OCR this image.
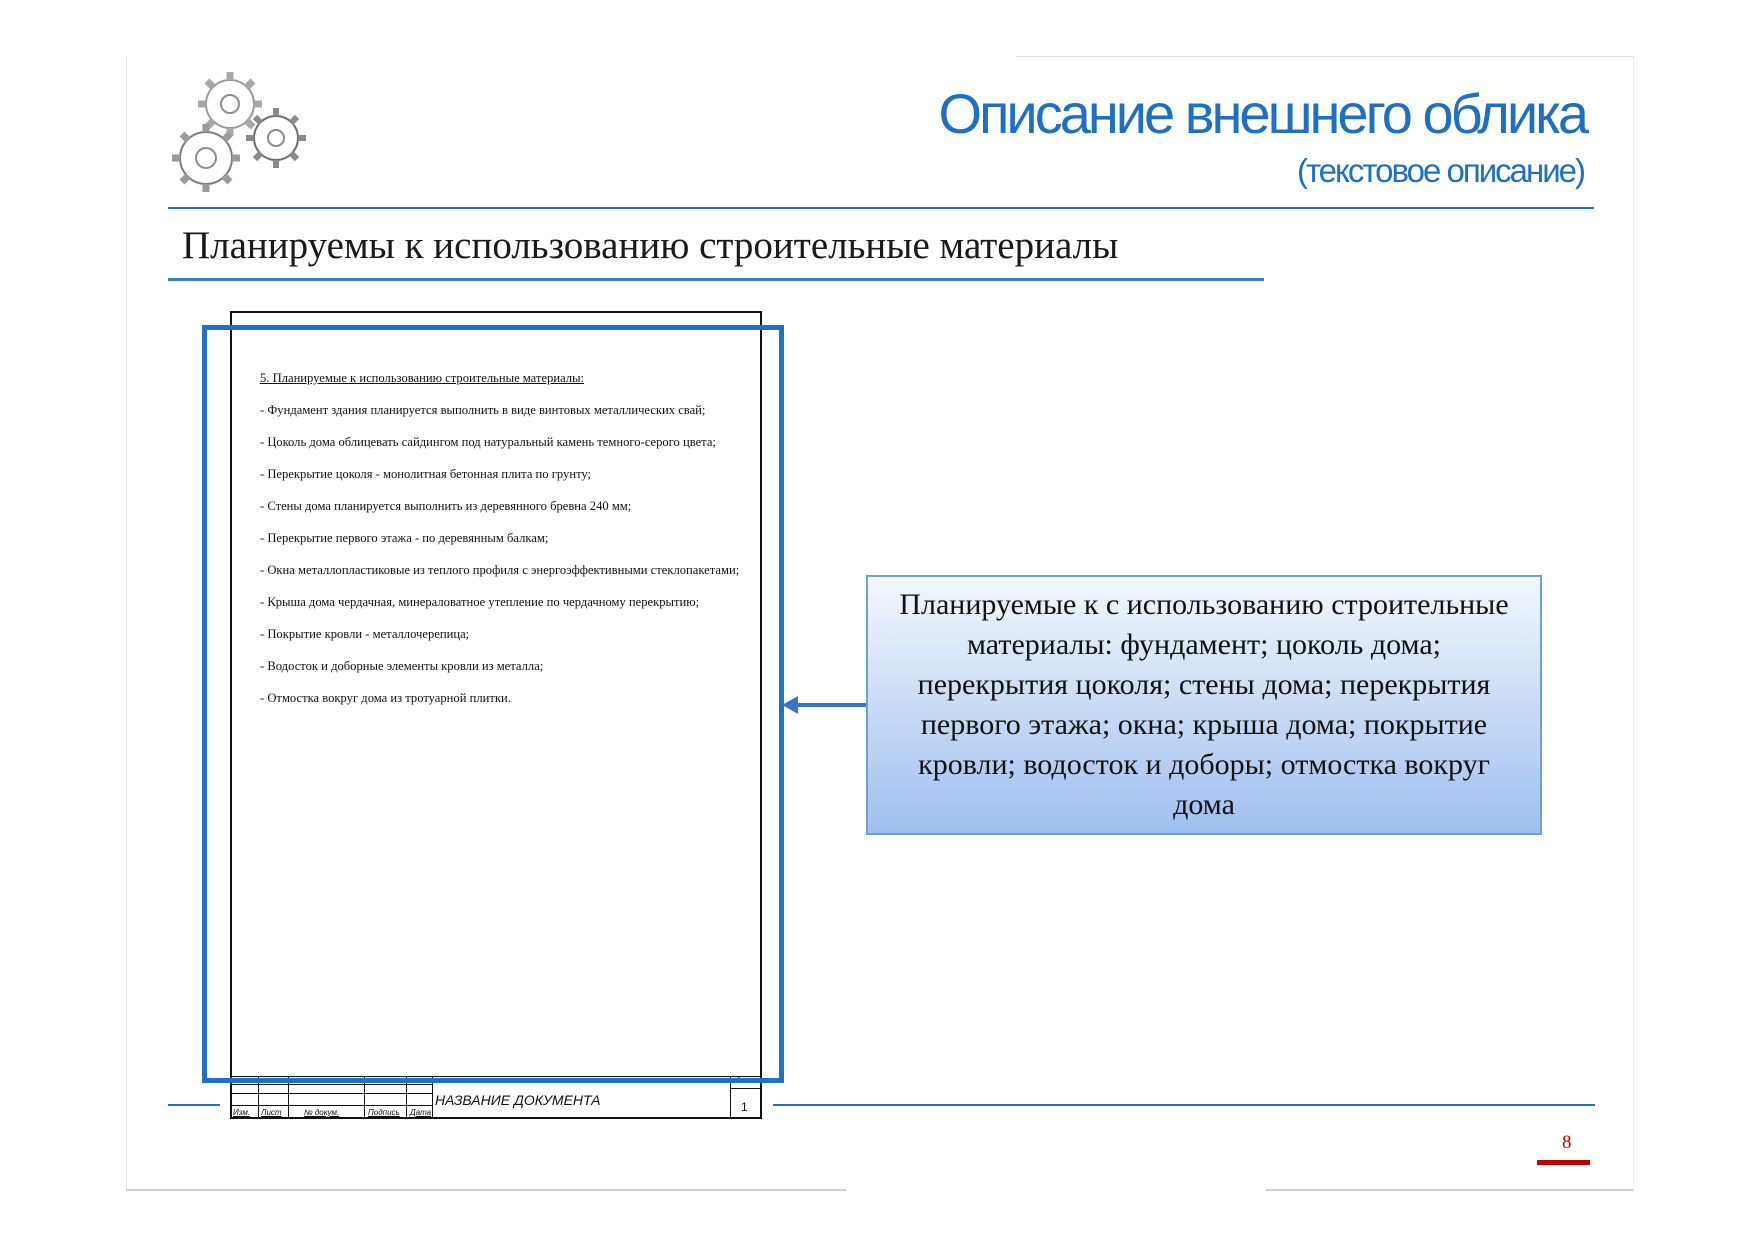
Описание внешнего облика
(текстовое описание)
Планируемы к использованию строительные материалы

5. Планируемые к использованию строительные материалы:

- Фундамент здания планируется выполнить в виде винтовых металлических свай;

- Цоколь дома облицевать сайдингом под натуральный камень темного-серого цвета;

- Перекрытие цоколя - монолитная бетонная плита по грунту;

- Стены дома планируется выполнить из деревянного бревна 240 мм;

- Перекрытие первого этажа - по деревянным балкам;

- Окна металлопластиковые из теплого профиля с энергоэффективными стеклопакетами;

- Крыша дома чердачная, минераловатное утепление по чердачному перекрытию;

- Покрытие кровли - металлочерепица;

- Водосток и доборные элементы кровли из металла;

- Отмостка вокруг дома из тротуарной плитки.

Изм. Лист	№ докум.	Подпись Дата
Лист
НАЗВАНИЕ ДОКУМЕНТА	1
Планируемые к с использованию строительные материалы: фундамент; цоколь дома; перекрытия цоколя; стены дома; перекрытия первого этажа; окна; крыша дома; покрытие кровли; водосток и доборы; отмостка вокруг дома
8
